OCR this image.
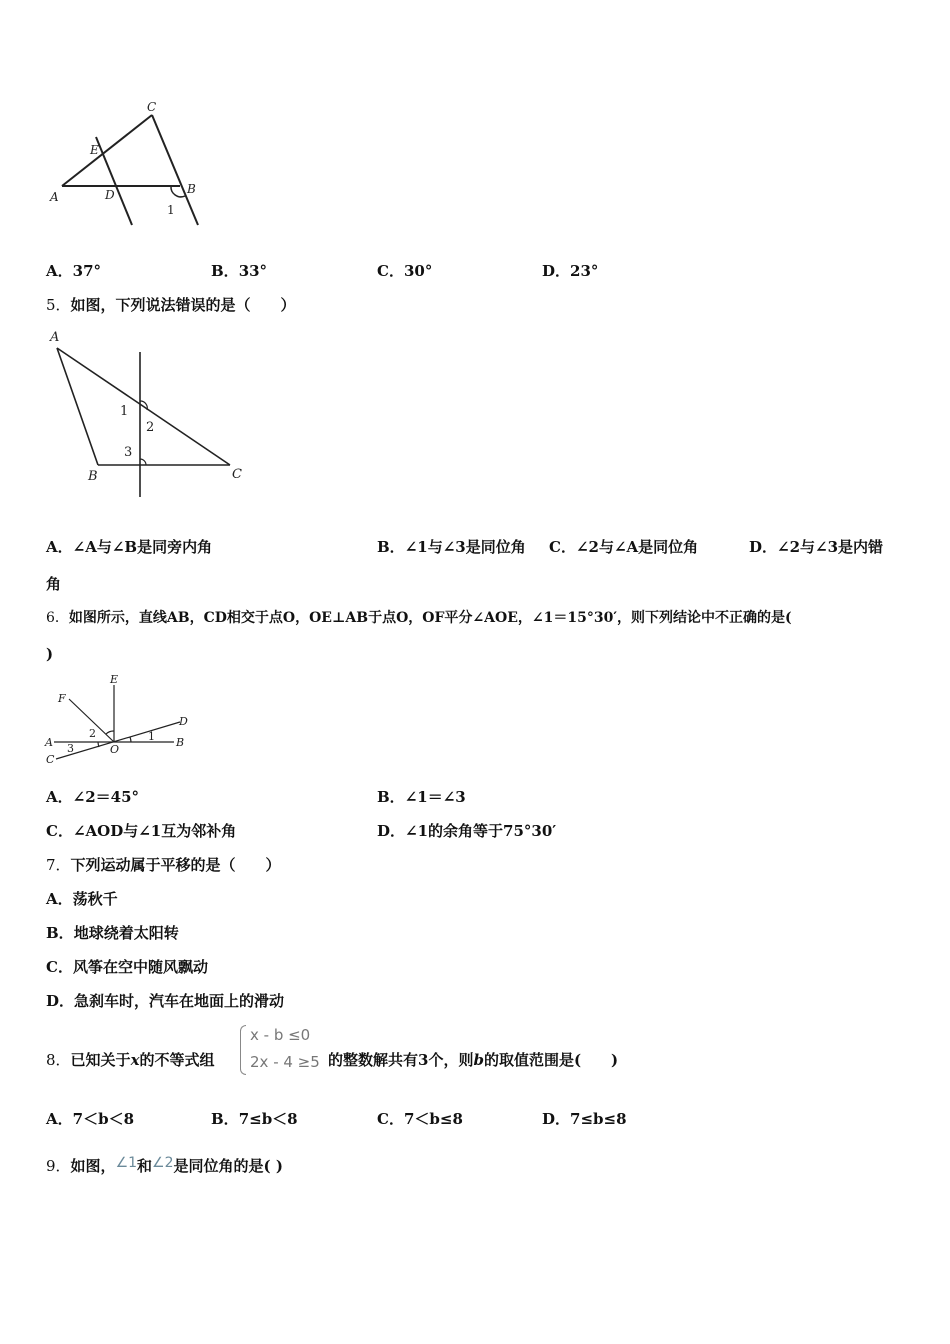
C
E
A	D	B
1
A．37°	B．33°	C．30°	D．23°
5．如图，下列说法错误的是（　　）
A
B	C
1
2
3
A．∠A与∠B是同旁内角	B．∠1与∠3是同位角 C．∠2与∠A是同位角	D．∠2与∠3是内错
角
6．如图所示，直线AB，CD相交于点O，OE⊥AB于点O，OF平分∠AOE，∠1＝15°30′，则下列结论中不正确的是(
)
E
F
D
A	B
C
O
1
2
3
A．∠2＝45°	B．∠1＝∠3
C．∠AOD与∠1互为邻补角	D．∠1的余角等于75°30′
7．下列运动属于平移的是（　　）
A．荡秋千
B．地球绕着太阳转
C．风筝在空中随风飘动
D．急刹车时，汽车在地面上的滑动
8．已知关于x的不等式组
x - b ≤0
2x - 4 ≥5 的整数解共有3个，则b的取值范围是(　　)
A．7＜b＜8	B．7≤b＜8	C．7＜b≤8	D．7≤b≤8
9．如图，∠1和∠2是同位角的是( )
